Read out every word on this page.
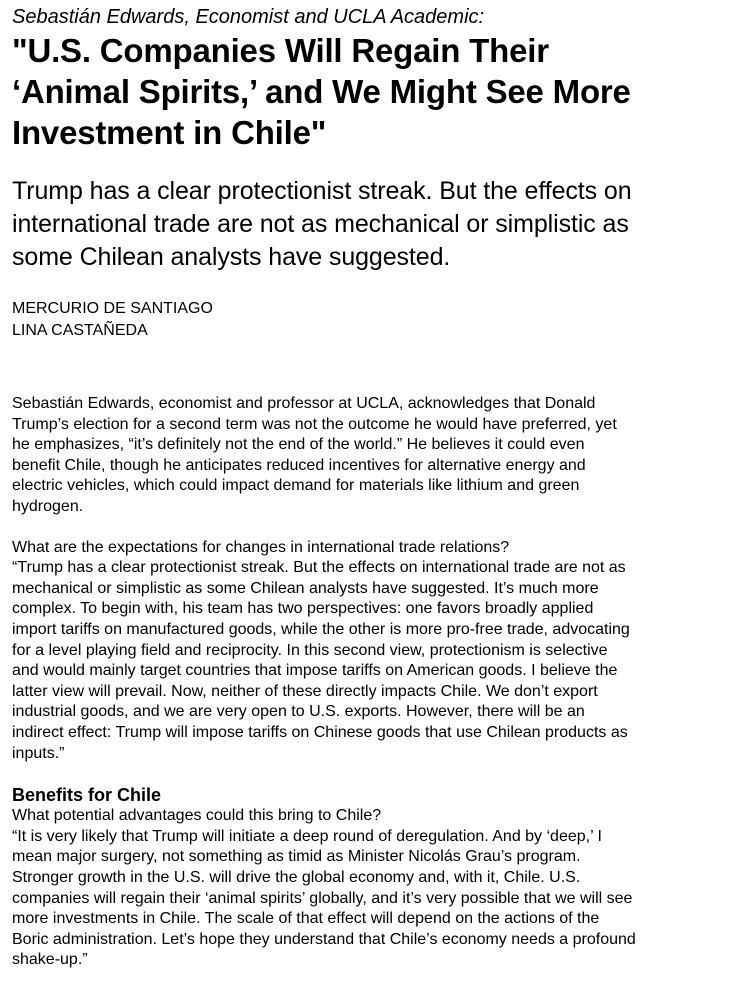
Sebastián Edwards, Economist and UCLA Academic:
"U.S. Companies Will Regain Their
‘Animal Spirits,’ and We Might See More
Investment in Chile"
Trump has a clear protectionist streak. But the effects on
international trade are not as mechanical or simplistic as
some Chilean analysts have suggested.
MERCURIO DE SANTIAGO
LINA CASTAÑEDA
Sebastián Edwards, economist and professor at UCLA, acknowledges that Donald
Trump’s election for a second term was not the outcome he would have preferred, yet
he emphasizes, “it’s definitely not the end of the world.” He believes it could even
benefit Chile, though he anticipates reduced incentives for alternative energy and
electric vehicles, which could impact demand for materials like lithium and green
hydrogen.
What are the expectations for changes in international trade relations?
“Trump has a clear protectionist streak. But the effects on international trade are not as
mechanical or simplistic as some Chilean analysts have suggested. It’s much more
complex. To begin with, his team has two perspectives: one favors broadly applied
import tariffs on manufactured goods, while the other is more pro-free trade, advocating
for a level playing field and reciprocity. In this second view, protectionism is selective
and would mainly target countries that impose tariffs on American goods. I believe the
latter view will prevail. Now, neither of these directly impacts Chile. We don’t export
industrial goods, and we are very open to U.S. exports. However, there will be an
indirect effect: Trump will impose tariffs on Chinese goods that use Chilean products as
inputs.”
Benefits for Chile
What potential advantages could this bring to Chile?
“It is very likely that Trump will initiate a deep round of deregulation. And by ‘deep,’ I
mean major surgery, not something as timid as Minister Nicolás Grau’s program.
Stronger growth in the U.S. will drive the global economy and, with it, Chile. U.S.
companies will regain their ‘animal spirits’ globally, and it’s very possible that we will see
more investments in Chile. The scale of that effect will depend on the actions of the
Boric administration. Let’s hope they understand that Chile’s economy needs a profound
shake-up.”
